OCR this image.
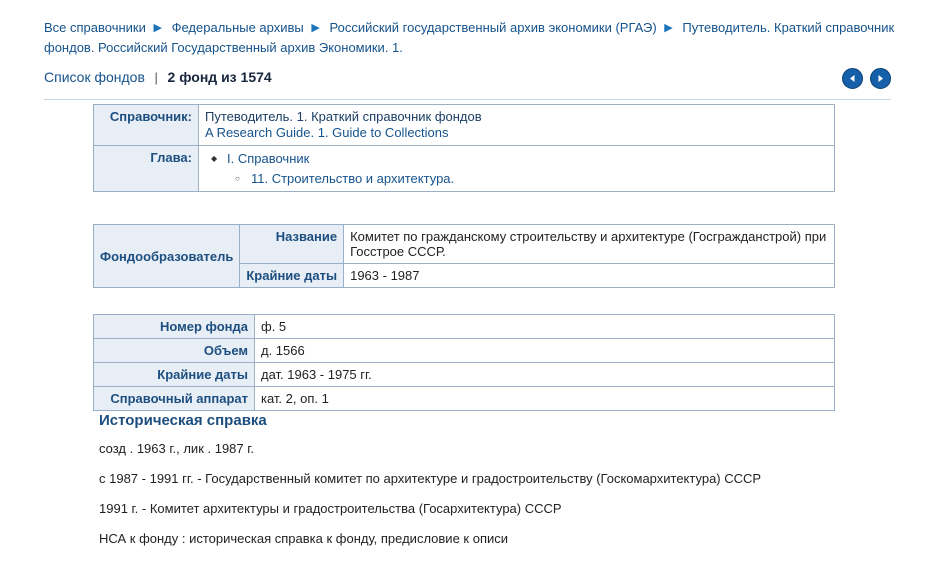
Все справочники ▶ Федеральные архивы ▶ Российский государственный архив экономики (РГАЭ) ▶ Путеводитель. Краткий справочник фондов. Российский Государственный архив Экономики. 1.
Список фондов | 2 фонд из 1574
Справочник:	Путеводитель. 1. Краткий справочник фондов
A Research Guide. 1. Guide to Collections

Глава:	
◆I. Справочник
○ 11. Строительство и архитектура.
Фондообразователь	Название	Комитет по гражданскому строительству и архитектуре (Госгражданстрой) при Госстрое СССР.
	Крайние даты	1963 - 1987
Номер фонда	ф. 5
Объем	д. 1566
Крайние даты	дат. 1963 - 1975 гг.
Справочный аппарат	кат. 2, оп. 1
Историческая справка

созд . 1963 г., лик . 1987 г.

с 1987 - 1991 гг. - Государственный комитет по архитектуре и градостроительству (Госкомархитектура) СССР

1991 г. - Комитет архитектуры и градостроительства (Госархитектура) СССР

НСА к фонду : историческая справка к фонду, предисловие к описи
